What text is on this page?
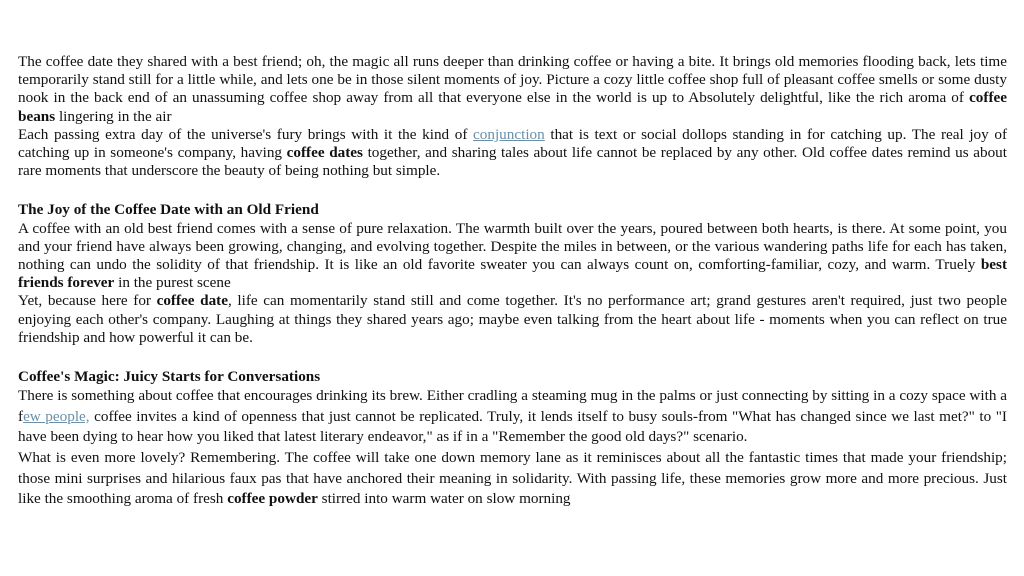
The coffee date they shared with a best friend; oh, the magic all runs deeper than drinking coffee or having a bite. It brings old memories flooding back, lets time temporarily stand still for a little while, and lets one be in those silent moments of joy. Picture a cozy little coffee shop full of pleasant coffee smells or some dusty nook in the back end of an unassuming coffee shop away from all that everyone else in the world is up to Absolutely delightful, like the rich aroma of coffee beans lingering in the air

Each passing extra day of the universe's fury brings with it the kind of conjunction that is text or social dollops standing in for catching up. The real joy of catching up in someone's company, having coffee dates together, and sharing tales about life cannot be replaced by any other. Old coffee dates remind us about rare moments that underscore the beauty of being nothing but simple.

The Joy of the Coffee Date with an Old Friend

A coffee with an old best friend comes with a sense of pure relaxation. The warmth built over the years, poured between both hearts, is there. At some point, you and your friend have always been growing, changing, and evolving together. Despite the miles in between, or the various wandering paths life for each has taken, nothing can undo the solidity of that friendship. It is like an old favorite sweater you can always count on, comforting-familiar, cozy, and warm. Truely best friends forever in the purest scene

Yet, because here for coffee date, life can momentarily stand still and come together. It's no performance art; grand gestures aren't required, just two people enjoying each other's company. Laughing at things they shared years ago; maybe even talking from the heart about life - moments when you can reflect on true friendship and how powerful it can be.

Coffee's Magic: Juicy Starts for Conversations

There is something about coffee that encourages drinking its brew. Either cradling a steaming mug in the palms or just connecting by sitting in a cozy space with a few people, coffee invites a kind of openness that just cannot be replicated. Truly, it lends itself to busy souls-from "What has changed since we last met?" to "I have been dying to hear how you liked that latest literary endeavor," as if in a "Remember the good old days?" scenario.

What is even more lovely? Remembering. The coffee will take one down memory lane as it reminisces about all the fantastic times that made your friendship; those mini surprises and hilarious faux pas that have anchored their meaning in solidarity. With passing life, these memories grow more and more precious. Just like the smoothing aroma of fresh coffee powder stirred into warm water on slow morning
